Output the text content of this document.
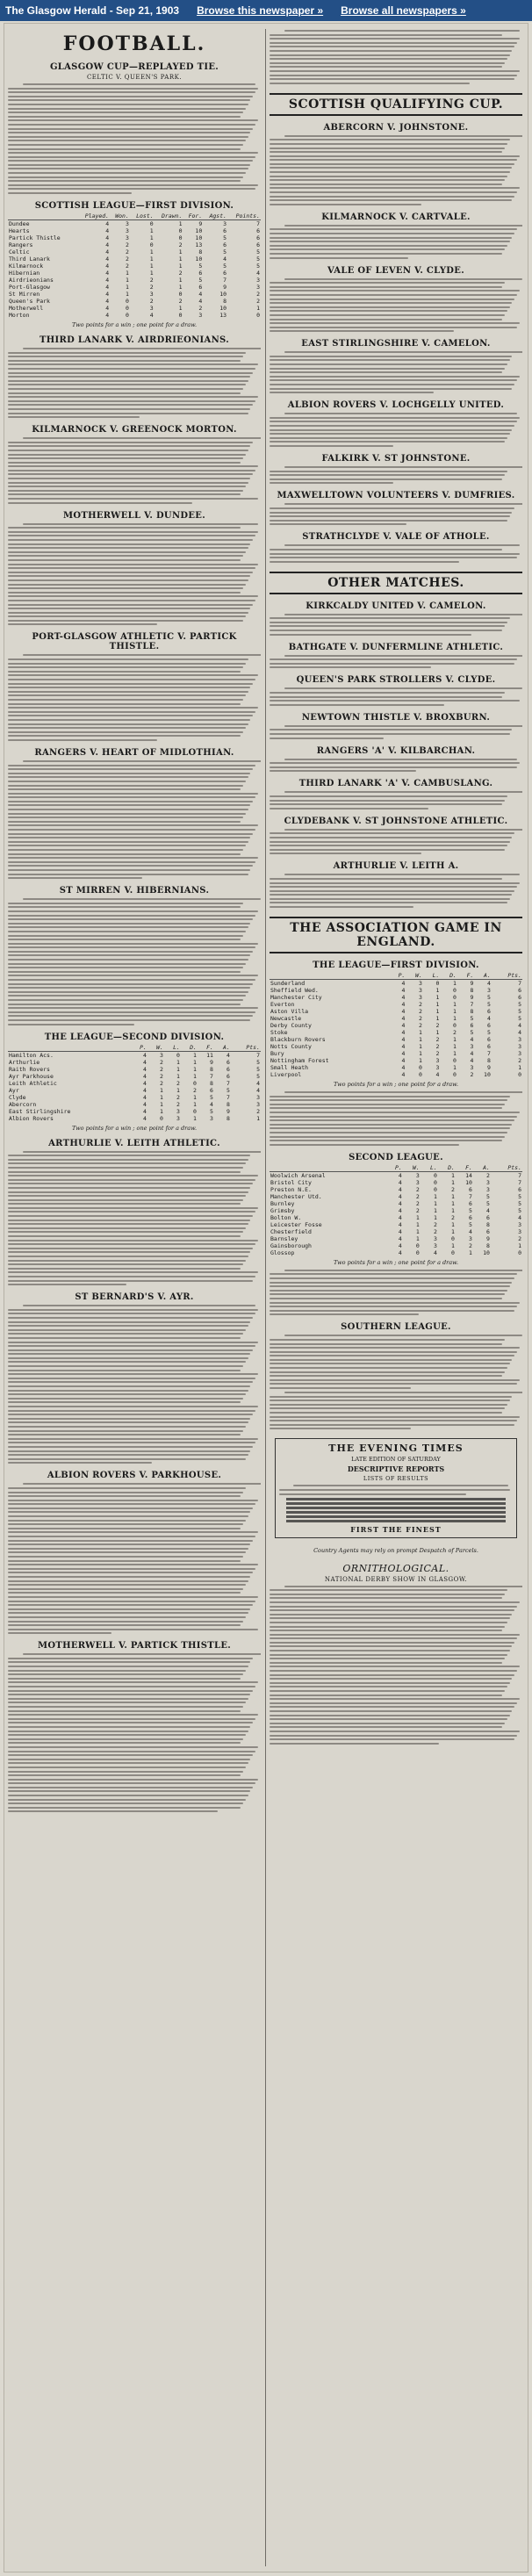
The Glasgow Herald - Sep 21, 1903 Browse this newspaper » Browse all newspapers »
FOOTBALL.
GLASGOW CUP—REPLAYED TIE.
CELTIC V. QUEEN'S PARK.
SCOTTISH LEAGUE—FIRST DIVISION.
	Played.	Won.	Lost.	Drawn.	For.	Agst.	Points.
Dundee	4	3	0	1	9	3	7
Hearts	4	3	1	0	10	6	6
Partick Thistle	4	3	1	0	10	5	6
Rangers	4	2	0	2	13	6	6
Celtic	4	2	1	1	8	5	5
Third Lanark	4	2	1	1	10	4	5
Kilmarnock	4	2	1	1	5	5	5
Hibernian	4	1	1	2	6	6	4
Airdrieonians	4	1	2	1	5	7	3
Port-Glasgow	4	1	2	1	6	9	3
St Mirren	4	1	3	0	4	10	2
Queen's Park	4	0	2	2	4	8	2
Motherwell	4	0	3	1	2	10	1
Morton	4	0	4	0	3	13	0
Two points for a win ; one point for a draw.
THIRD LANARK V. AIRDRIEONIANS.
KILMARNOCK V. GREENOCK MORTON.
MOTHERWELL V. DUNDEE.
PORT-GLASGOW ATHLETIC V. PARTICK THISTLE.
RANGERS V. HEART OF MIDLOTHIAN.
ST MIRREN V. HIBERNIANS.
THE LEAGUE—SECOND DIVISION.
	P.	W.	L.	D.	F.	A.	Pts.
Hamilton Acs.	4	3	0	1	11	4	7
Arthurlie	4	2	1	1	9	6	5
Raith Rovers	4	2	1	1	8	6	5
Ayr Parkhouse	4	2	1	1	7	6	5
Leith Athletic	4	2	2	0	8	7	4
Ayr	4	1	1	2	6	5	4
Clyde	4	1	2	1	5	7	3
Abercorn	4	1	2	1	4	8	3
East Stirlingshire	4	1	3	0	5	9	2
Albion Rovers	4	0	3	1	3	8	1
Two points for a win ; one point for a draw.
ARTHURLIE V. LEITH ATHLETIC.
ST BERNARD'S V. AYR.
ALBION ROVERS V. PARKHOUSE.
MOTHERWELL V. PARTICK THISTLE.
SCOTTISH QUALIFYING CUP.
ABERCORN V. JOHNSTONE.
KILMARNOCK V. CARTVALE.
VALE OF LEVEN V. CLYDE.
EAST STIRLINGSHIRE V. CAMELON.
ALBION ROVERS V. LOCHGELLY UNITED.
FALKIRK V. ST JOHNSTONE.
MAXWELLTOWN VOLUNTEERS V. DUMFRIES.
STRATHCLYDE V. VALE OF ATHOLE.
OTHER MATCHES.
KIRKCALDY UNITED V. CAMELON.
BATHGATE V. DUNFERMLINE ATHLETIC.
QUEEN'S PARK STROLLERS V. CLYDE.
NEWTOWN THISTLE V. BROXBURN.
RANGERS 'A' V. KILBARCHAN.
THIRD LANARK 'A' V. CAMBUSLANG.
CLYDEBANK V. ST JOHNSTONE ATHLETIC.
ARTHURLIE V. LEITH A.
THE ASSOCIATION GAME IN ENGLAND.
THE LEAGUE—FIRST DIVISION.
	P.	W.	L.	D.	F.	A.	Pts.
Sunderland	4	3	0	1	9	4	7
Sheffield Wed.	4	3	1	0	8	3	6
Manchester City	4	3	1	0	9	5	6
Everton	4	2	1	1	7	5	5
Aston Villa	4	2	1	1	8	6	5
Newcastle	4	2	1	1	5	4	5
Derby County	4	2	2	0	6	6	4
Stoke	4	1	1	2	5	5	4
Blackburn Rovers	4	1	2	1	4	6	3
Notts County	4	1	2	1	3	6	3
Bury	4	1	2	1	4	7	3
Nottingham Forest	4	1	3	0	4	8	2
Small Heath	4	0	3	1	3	9	1
Liverpool	4	0	4	0	2	10	0
Two points for a win ; one point for a draw.
SECOND LEAGUE.
	P.	W.	L.	D.	F.	A.	Pts.
Woolwich Arsenal	4	3	0	1	14	2	7
Bristol City	4	3	0	1	10	3	7
Preston N.E.	4	2	0	2	6	3	6
Manchester Utd.	4	2	1	1	7	5	5
Burnley	4	2	1	1	6	5	5
Grimsby	4	2	1	1	5	4	5
Bolton W.	4	1	1	2	6	6	4
Leicester Fosse	4	1	2	1	5	8	3
Chesterfield	4	1	2	1	4	6	3
Barnsley	4	1	3	0	3	9	2
Gainsborough	4	0	3	1	2	8	1
Glossop	4	0	4	0	1	10	0
Two points for a win ; one point for a draw.
SOUTHERN LEAGUE.
THE EVENING TIMES
LATE EDITION OF SATURDAY
DESCRIPTIVE REPORTS
LISTS OF RESULTS
FIRST THE FINEST
Country Agents may rely on prompt Despatch of Parcels.
ORNITHOLOGICAL.
NATIONAL DERBY SHOW IN GLASGOW.
